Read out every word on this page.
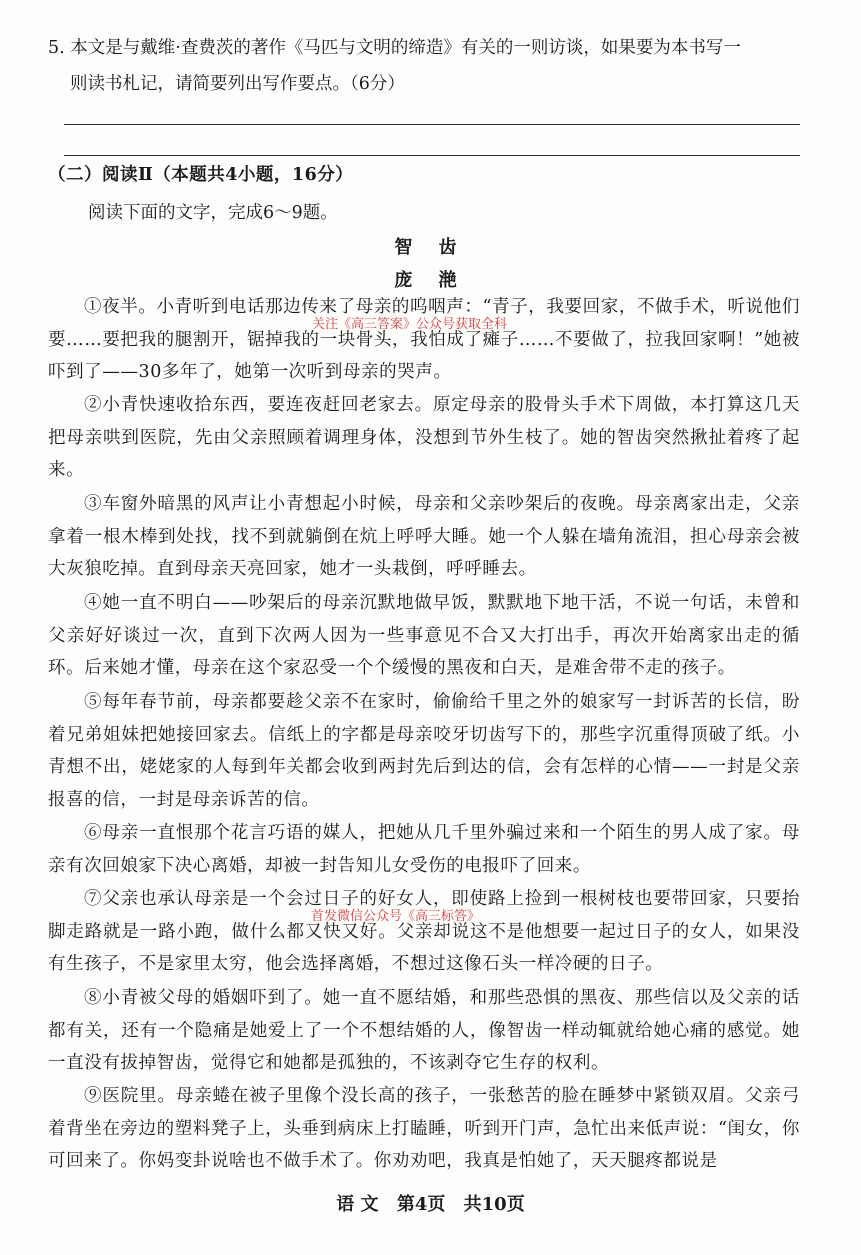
5. 本文是与戴维·查费茨的著作《马匹与文明的缔造》有关的一则访谈，如果要为本书写一
则读书札记，请简要列出写作要点。（6分）
（二）阅读Ⅱ（本题共4小题，16分）
阅读下面的文字，完成6～9题。
智 齿
庞 滟
①夜半。小青听到电话那边传来了母亲的呜咽声：“青子，我要回家，不做手术，听说他们要……要把我的腿割开，锯掉我的一块骨头，我怕成了瘫子……不要做了，拉我回家啊！”她被吓到了——30多年了，她第一次听到母亲的哭声。
②小青快速收拾东西，要连夜赶回老家去。原定母亲的股骨头手术下周做，本打算这几天把母亲哄到医院，先由父亲照顾着调理身体，没想到节外生枝了。她的智齿突然揪扯着疼了起来。
③车窗外暗黑的风声让小青想起小时候，母亲和父亲吵架后的夜晚。母亲离家出走，父亲拿着一根木棒到处找，找不到就躺倒在炕上呼呼大睡。她一个人躲在墙角流泪，担心母亲会被大灰狼吃掉。直到母亲天亮回家，她才一头栽倒，呼呼睡去。
④她一直不明白——吵架后的母亲沉默地做早饭，默默地下地干活，不说一句话，未曾和父亲好好谈过一次，直到下次两人因为一些事意见不合又大打出手，再次开始离家出走的循环。后来她才懂，母亲在这个家忍受一个个缓慢的黑夜和白天，是难舍带不走的孩子。
⑤每年春节前，母亲都要趁父亲不在家时，偷偷给千里之外的娘家写一封诉苦的长信，盼着兄弟姐妹把她接回家去。信纸上的字都是母亲咬牙切齿写下的，那些字沉重得顶破了纸。小青想不出，姥姥家的人每到年关都会收到两封先后到达的信，会有怎样的心情——一封是父亲报喜的信，一封是母亲诉苦的信。
⑥母亲一直恨那个花言巧语的媒人，把她从几千里外骗过来和一个陌生的男人成了家。母亲有次回娘家下决心离婚，却被一封告知儿女受伤的电报吓了回来。
⑦父亲也承认母亲是一个会过日子的好女人，即使路上捡到一根树枝也要带回家，只要抬脚走路就是一路小跑，做什么都又快又好。父亲却说这不是他想要一起过日子的女人，如果没有生孩子，不是家里太穷，他会选择离婚，不想过这像石头一样冷硬的日子。
⑧小青被父母的婚姻吓到了。她一直不愿结婚，和那些恐惧的黑夜、那些信以及父亲的话都有关，还有一个隐痛是她爱上了一个不想结婚的人，像智齿一样动辄就给她心痛的感觉。她一直没有拔掉智齿，觉得它和她都是孤独的，不该剥夺它生存的权利。
⑨医院里。母亲蜷在被子里像个没长高的孩子，一张愁苦的脸在睡梦中紧锁双眉。父亲弓着背坐在旁边的塑料凳子上，头垂到病床上打瞌睡，听到开门声，急忙出来低声说：“闺女，你可回来了。你妈变卦说啥也不做手术了。你劝劝吧，我真是怕她了，天天腿疼都说是
关注《高三答案》公众号获取全科
首发微信公众号《高三标答》
语 文 第4页 共10页
